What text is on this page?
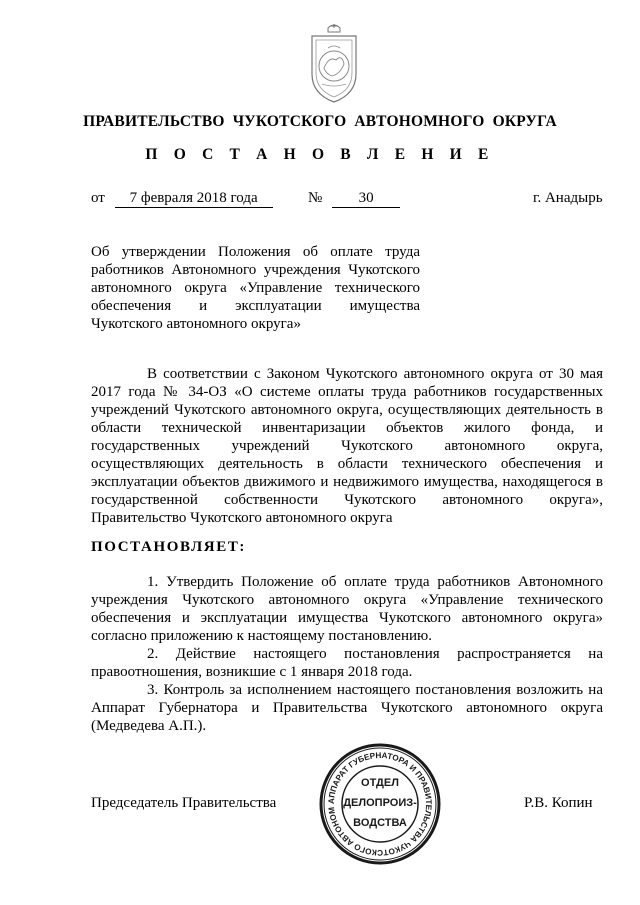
ПРАВИТЕЛЬСТВО ЧУКОТСКОГО АВТОНОМНОГО ОКРУГА
П О С Т А Н О В Л Е Н И Е
от 7 февраля 2018 года	№ 30	г. Анадырь
Об утверждении Положения об оплате труда работников Автономного учреждения Чукотского автономного округа «Управление технического обеспечения и эксплуатации имущества Чукотского автономного округа»
В соответствии с Законом Чукотского автономного округа от 30 мая 2017 года № 34-ОЗ «О системе оплаты труда работников государственных учреждений Чукотского автономного округа, осуществляющих деятельность в области технической инвентаризации объектов жилого фонда, и государственных учреждений Чукотского автономного округа, осуществляющих деятельность в области технического обеспечения и эксплуатации объектов движимого и недвижимого имущества, находящегося в государственной собственности Чукотского автономного округа», Правительство Чукотского автономного округа
ПОСТАНОВЛЯЕТ:

1. Утвердить Положение об оплате труда работников Автономного учреждения Чукотского автономного округа «Управление технического обеспечения и эксплуатации имущества Чукотского автономного округа» согласно приложению к настоящему постановлению.

2. Действие настоящего постановления распространяется на правоотношения, возникшие с 1 января 2018 года.

3. Контроль за исполнением настоящего постановления возложить на Аппарат Губернатора и Правительства Чукотского автономного округа (Медведева А.П.).

Председатель Правительства	Р.В. Копин
АППАРАТ ГУБЕРНАТОРА И ПРАВИТЕЛЬСТВА ЧУКОТСКОГО АВТОНОМ
ОТДЕЛ
ДЕЛОПРОИЗ-
ВОДСТВА
